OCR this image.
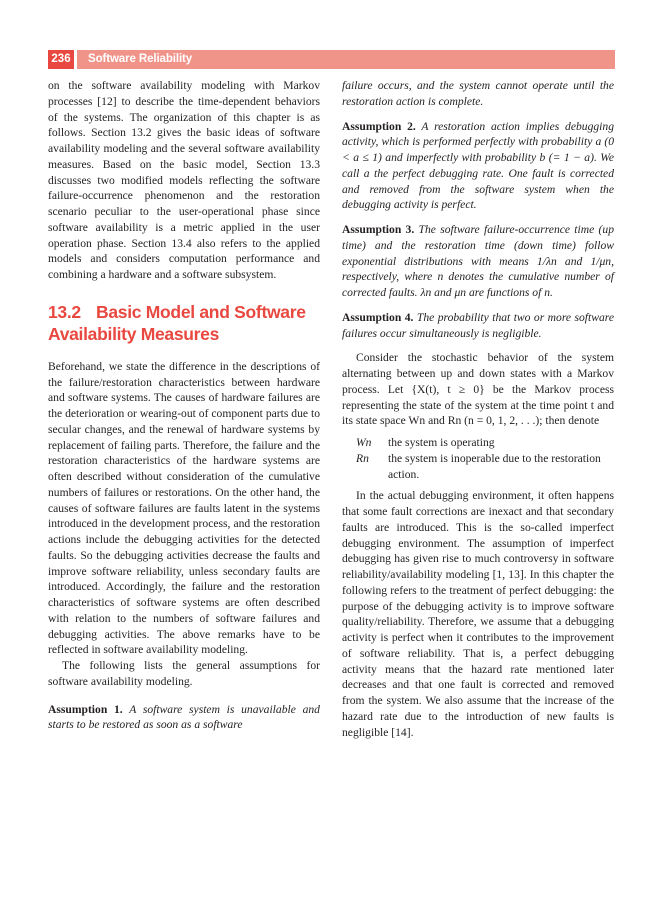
236 Software Reliability

on the software availability modeling with Markov processes [12] to describe the time-dependent behaviors of the systems. The organization of this chapter is as follows. Section 13.2 gives the basic ideas of software availability modeling and the several software availability measures. Based on the basic model, Section 13.3 discusses two modified models reflecting the software failure-occurrence phenomenon and the restoration scenario peculiar to the user-operational phase since software availability is a metric applied in the user operation phase. Section 13.4 also refers to the applied models and considers computation performance and combining a hardware and a software subsystem.

13.2 Basic Model and Software Availability Measures

Beforehand, we state the difference in the descriptions of the failure/restoration characteristics between hardware and software systems. The causes of hardware failures are the deterioration or wearing-out of component parts due to secular changes, and the renewal of hardware systems by replacement of failing parts. Therefore, the failure and the restoration characteristics of the hardware systems are often described without consideration of the cumulative numbers of failures or restorations. On the other hand, the causes of software failures are faults latent in the systems introduced in the development process, and the restoration actions include the debugging activities for the detected faults. So the debugging activities decrease the faults and improve software reliability, unless secondary faults are introduced. Accordingly, the failure and the restoration characteristics of software systems are often described with relation to the numbers of software failures and debugging activities. The above remarks have to be reflected in software availability modeling.

The following lists the general assumptions for software availability modeling.

Assumption 1. A software system is unavailable and starts to be restored as soon as a software

failure occurs, and the system cannot operate until the restoration action is complete.

Assumption 2. A restoration action implies debugging activity, which is performed perfectly with probability a (0 < a ≤ 1) and imperfectly with probability b (= 1 − a). We call a the perfect debugging rate. One fault is corrected and removed from the software system when the debugging activity is perfect.

Assumption 3. The software failure-occurrence time (up time) and the restoration time (down time) follow exponential distributions with means 1/λn and 1/μn, respectively, where n denotes the cumulative number of corrected faults. λn and μn are functions of n.

Assumption 4. The probability that two or more software failures occur simultaneously is negligible.

Consider the stochastic behavior of the system alternating between up and down states with a Markov process. Let {X(t), t ≥ 0} be the Markov process representing the state of the system at the time point t and its state space Wn and Rn (n = 0, 1, 2, . . .); then denote

Wn	the system is operating
Rn	the system is inoperable due to the restoration action.

In the actual debugging environment, it often happens that some fault corrections are inexact and that secondary faults are introduced. This is the so-called imperfect debugging environment. The assumption of imperfect debugging has given rise to much controversy in software reliability/availability modeling [1, 13]. In this chapter the following refers to the treatment of perfect debugging: the purpose of the debugging activity is to improve software quality/reliability. Therefore, we assume that a debugging activity is perfect when it contributes to the improvement of software reliability. That is, a perfect debugging activity means that the hazard rate mentioned later decreases and that one fault is corrected and removed from the system. We also assume that the increase of the hazard rate due to the introduction of new faults is negligible [14].
